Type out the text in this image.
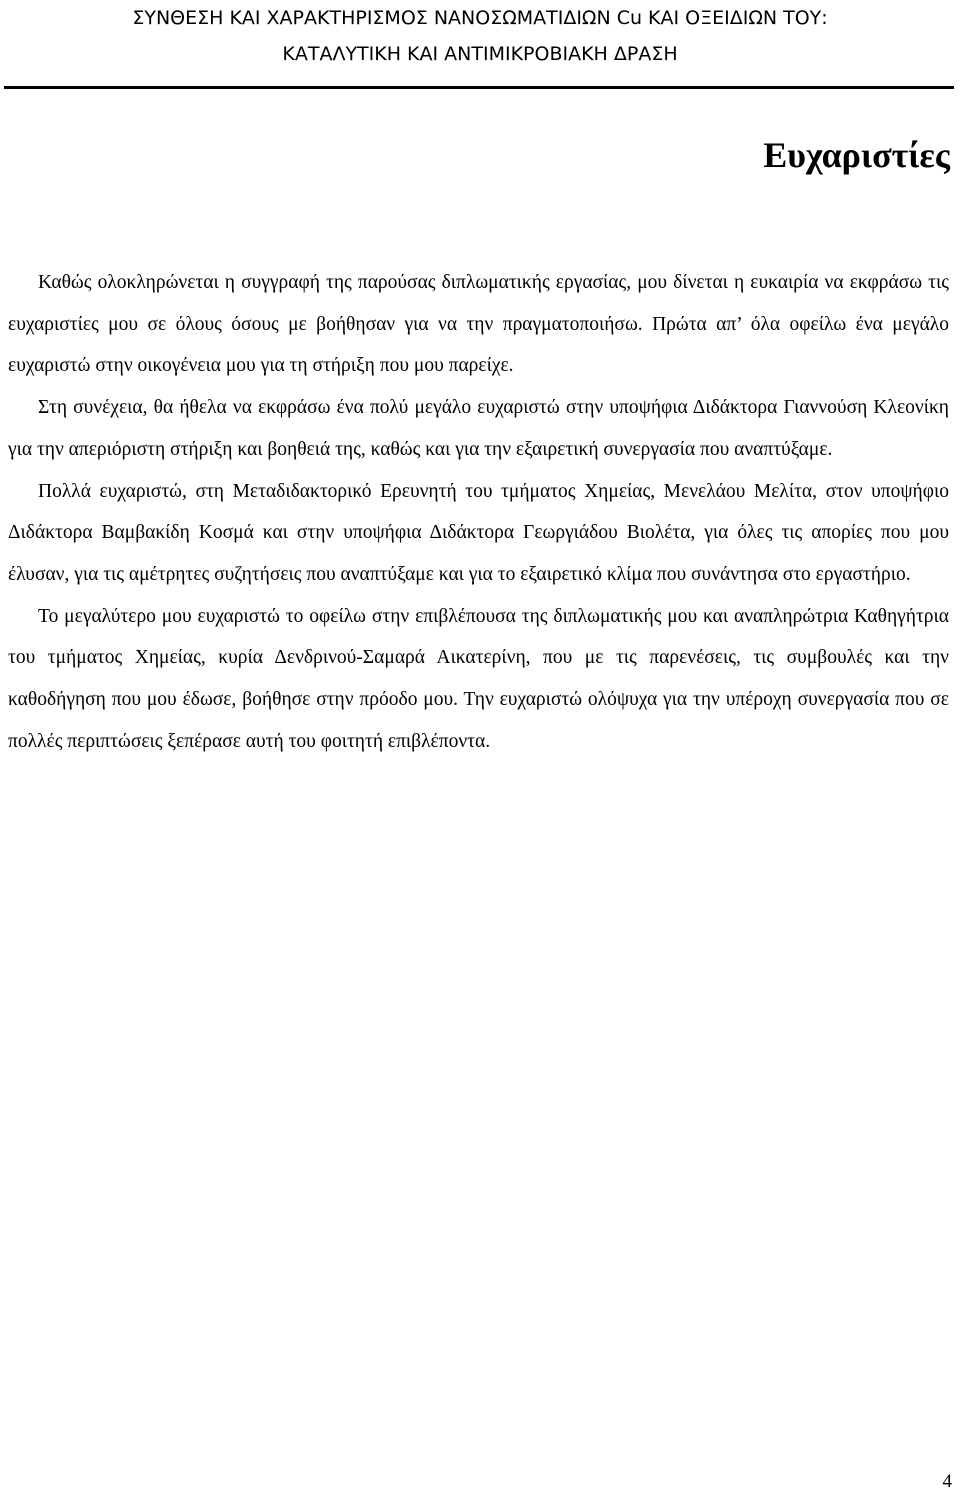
ΣΥΝΘΕΣΗ ΚΑΙ ΧΑΡΑΚΤΗΡΙΣΜΟΣ ΝΑΝΟΣΩΜΑΤΙΔΙΩΝ Cu ΚΑΙ ΟΞΕΙΔΙΩΝ ΤΟΥ:
ΚΑΤΑΛΥΤΙΚΗ ΚΑΙ ΑΝΤΙΜΙΚΡΟΒΙΑΚΗ ΔΡΑΣΗ
Ευχαριστίες

Καθώς ολοκληρώνεται η συγγραφή της παρούσας διπλωματικής εργασίας, μου δίνεται η ευκαιρία να εκφράσω τις ευχαριστίες μου σε όλους όσους με βοήθησαν για να την πραγματοποιήσω. Πρώτα απ’ όλα οφείλω ένα μεγάλο ευχαριστώ στην οικογένεια μου για τη στήριξη που μου παρείχε.

Στη συνέχεια, θα ήθελα να εκφράσω ένα πολύ μεγάλο ευχαριστώ στην υποψήφια Διδάκτορα Γιαννούση Κλεονίκη για την απεριόριστη στήριξη και βοηθειά της, καθώς και για την εξαιρετική συνεργασία που αναπτύξαμε.

Πολλά ευχαριστώ, στη Μεταδιδακτορικό Ερευνητή του τμήματος Χημείας, Μενελάου Μελίτα, στον υποψήφιο Διδάκτορα Βαμβακίδη Κοσμά και στην υποψήφια Διδάκτορα Γεωργιάδου Βιολέτα, για όλες τις απορίες που μου έλυσαν, για τις αμέτρητες συζητήσεις που αναπτύξαμε και για το εξαιρετικό κλίμα που συνάντησα στο εργαστήριο.

Το μεγαλύτερο μου ευχαριστώ το οφείλω στην επιβλέπουσα της διπλωματικής μου και αναπληρώτρια Καθηγήτρια του τμήματος Χημείας, κυρία Δενδρινού-Σαμαρά Αικατερίνη, που με τις παρενέσεις, τις συμβουλές και την καθοδήγηση που μου έδωσε, βοήθησε στην πρόοδο μου. Την ευχαριστώ ολόψυχα για την υπέροχη συνεργασία που σε πολλές περιπτώσεις ξεπέρασε αυτή του φοιτητή επιβλέποντα.

4
